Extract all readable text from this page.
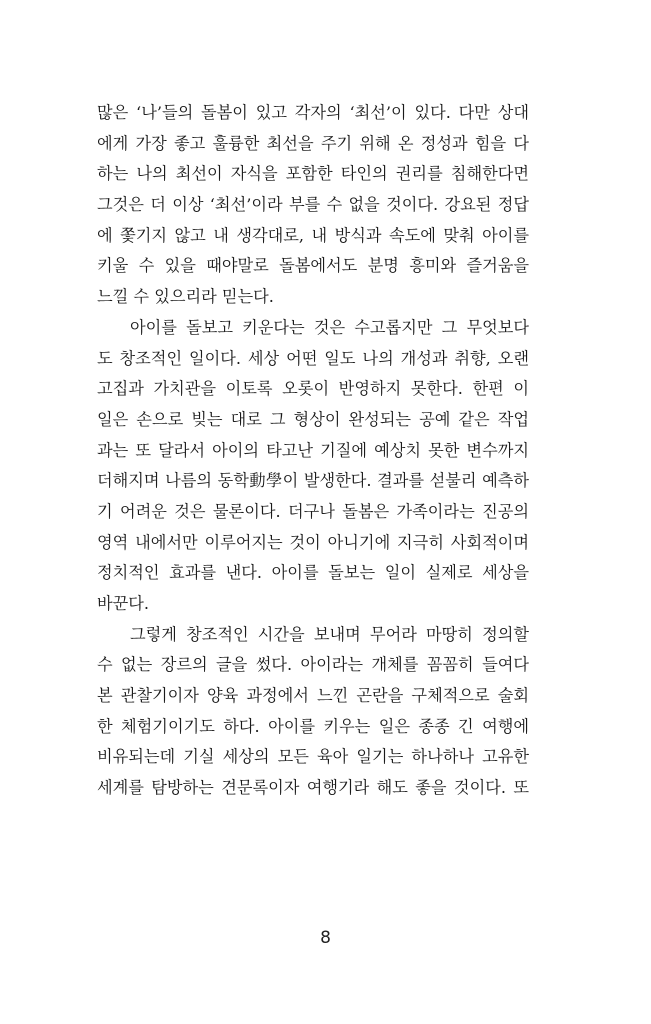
많은 ‘나’들의 돌봄이 있고 각자의 ‘최선’이 있다. 다만 상대
에게 가장 좋고 훌륭한 최선을 주기 위해 온 정성과 힘을 다
하는 나의 최선이 자식을 포함한 타인의 권리를 침해한다면
그것은 더 이상 ‘최선’이라 부를 수 없을 것이다. 강요된 정답
에 쫓기지 않고 내 생각대로, 내 방식과 속도에 맞춰 아이를
키울 수 있을 때야말로 돌봄에서도 분명 흥미와 즐거움을
느낄 수 있으리라 믿는다.
아이를 돌보고 키운다는 것은 수고롭지만 그 무엇보다
도 창조적인 일이다. 세상 어떤 일도 나의 개성과 취향, 오랜
고집과 가치관을 이토록 오롯이 반영하지 못한다. 한편 이
일은 손으로 빚는 대로 그 형상이 완성되는 공예 같은 작업
과는 또 달라서 아이의 타고난 기질에 예상치 못한 변수까지
더해지며 나름의 동학動學이 발생한다. 결과를 섣불리 예측하
기 어려운 것은 물론이다. 더구나 돌봄은 가족이라는 진공의
영역 내에서만 이루어지는 것이 아니기에 지극히 사회적이며
정치적인 효과를 낸다. 아이를 돌보는 일이 실제로 세상을
바꾼다.
그렇게 창조적인 시간을 보내며 무어라 마땅히 정의할
수 없는 장르의 글을 썼다. 아이라는 개체를 꼼꼼히 들여다
본 관찰기이자 양육 과정에서 느낀 곤란을 구체적으로 술회
한 체험기이기도 하다. 아이를 키우는 일은 종종 긴 여행에
비유되는데 기실 세상의 모든 육아 일기는 하나하나 고유한
세계를 탐방하는 견문록이자 여행기라 해도 좋을 것이다. 또
8
